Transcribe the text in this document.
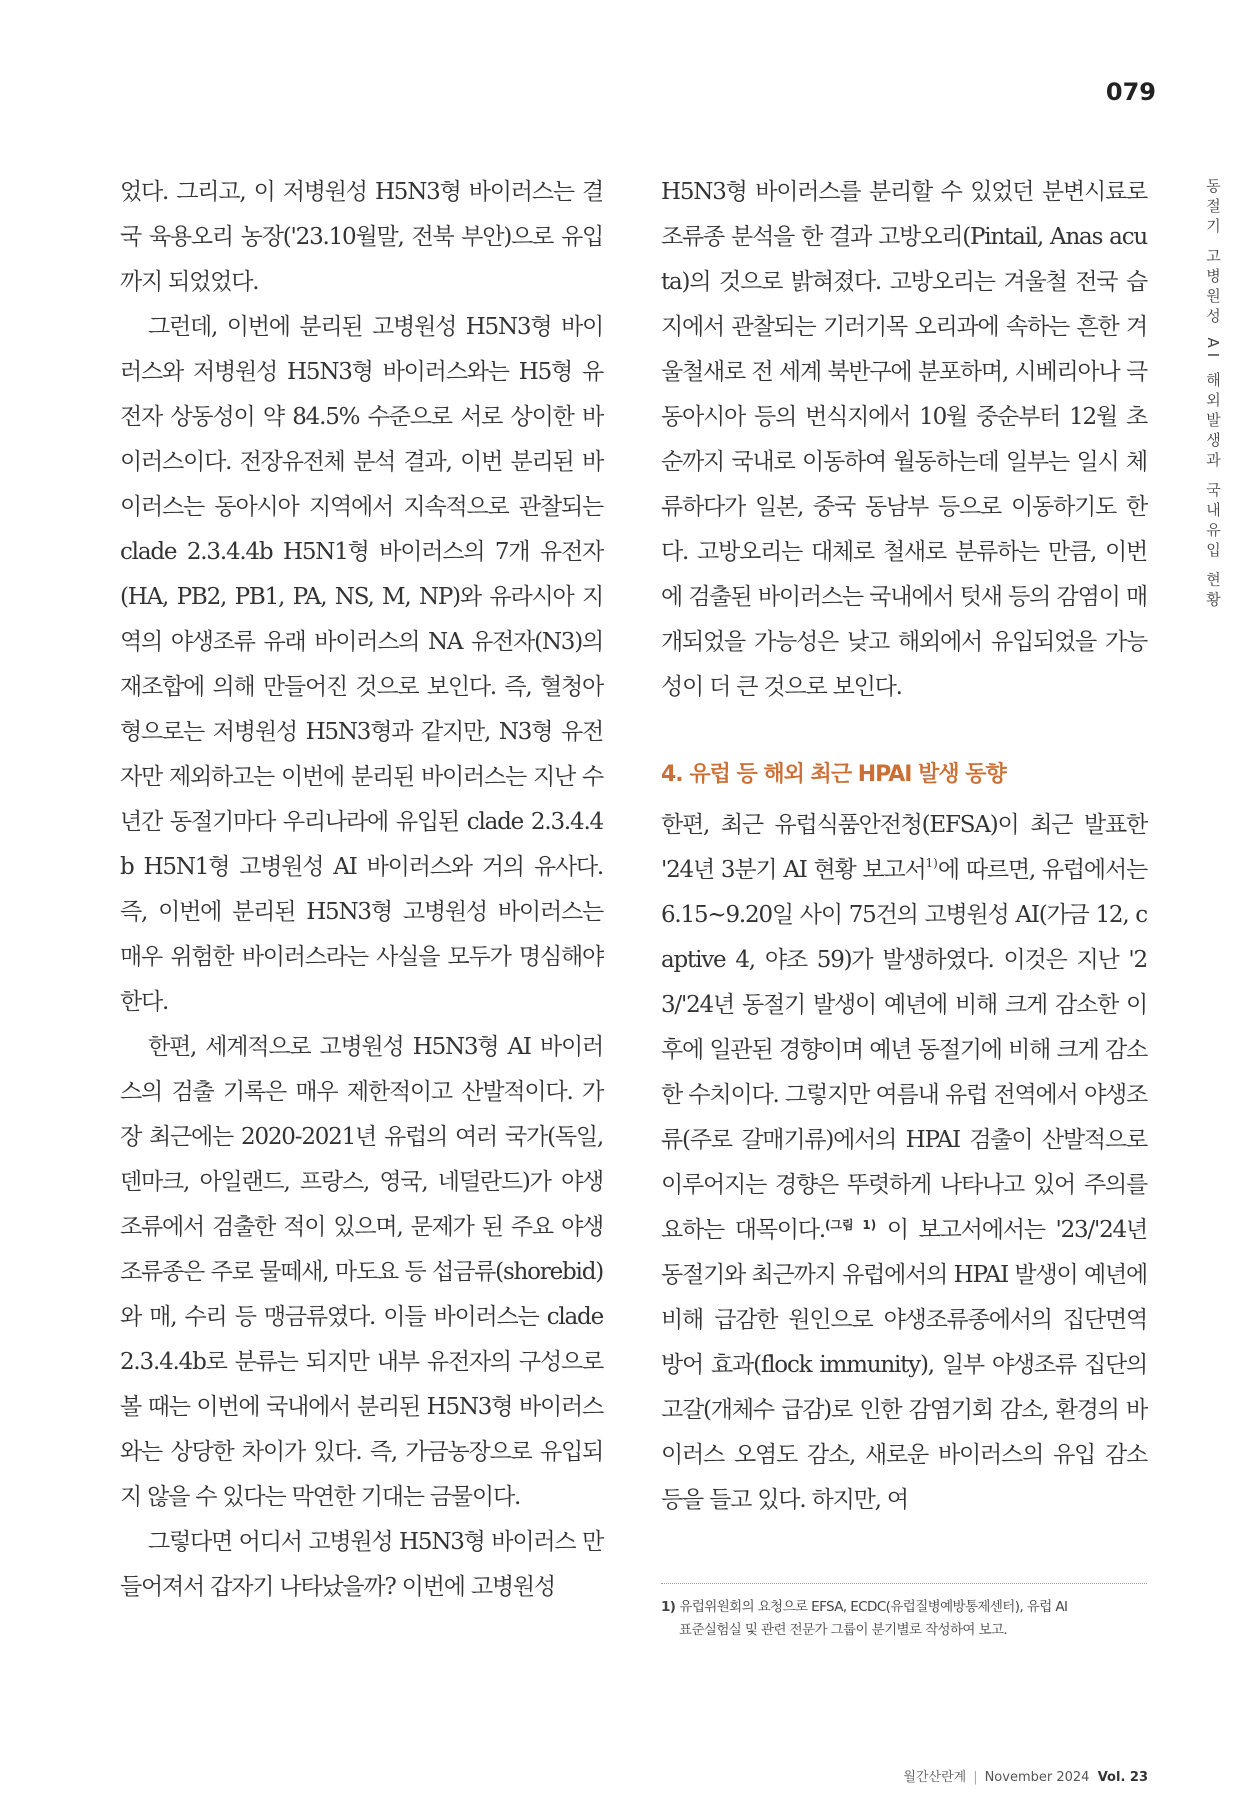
079
동절기 고병원성 AI 해외발생과 국내유입 현황

었다. 그리고, 이 저병원성 H5N3형 바이러스는 결국 육용오리 농장('23.10월말, 전북 부안)으로 유입까지 되었었다.

그런데, 이번에 분리된 고병원성 H5N3형 바이러스와 저병원성 H5N3형 바이러스와는 H5형 유전자 상동성이 약 84.5% 수준으로 서로 상이한 바이러스이다. 전장유전체 분석 결과, 이번 분리된 바이러스는 동아시아 지역에서 지속적으로 관찰되는 clade 2.3.4.4b H5N1형 바이러스의 7개 유전자(HA, PB2, PB1, PA, NS, M, NP)와 유라시아 지역의 야생조류 유래 바이러스의 NA 유전자(N3)의 재조합에 의해 만들어진 것으로 보인다. 즉, 혈청아형으로는 저병원성 H5N3형과 같지만, N3형 유전자만 제외하고는 이번에 분리된 바이러스는 지난 수년간 동절기마다 우리나라에 유입된 clade 2.3.4.4b H5N1형 고병원성 AI 바이러스와 거의 유사다. 즉, 이번에 분리된 H5N3형 고병원성 바이러스는 매우 위험한 바이러스라는 사실을 모두가 명심해야 한다.

한편, 세계적으로 고병원성 H5N3형 AI 바이러스의 검출 기록은 매우 제한적이고 산발적이다. 가장 최근에는 2020-2021년 유럽의 여러 국가(독일, 덴마크, 아일랜드, 프랑스, 영국, 네덜란드)가 야생조류에서 검출한 적이 있으며, 문제가 된 주요 야생 조류종은 주로 물떼새, 마도요 등 섭금류(shorebid)와 매, 수리 등 맹금류였다. 이들 바이러스는 clade 2.3.4.4b로 분류는 되지만 내부 유전자의 구성으로 볼 때는 이번에 국내에서 분리된 H5N3형 바이러스와는 상당한 차이가 있다. 즉, 가금농장으로 유입되지 않을 수 있다는 막연한 기대는 금물이다.

그렇다면 어디서 고병원성 H5N3형 바이러스 만들어져서 갑자기 나타났을까? 이번에 고병원성

H5N3형 바이러스를 분리할 수 있었던 분변시료로 조류종 분석을 한 결과 고방오리(Pintail, Anas acuta)의 것으로 밝혀졌다. 고방오리는 겨울철 전국 습지에서 관찰되는 기러기목 오리과에 속하는 흔한 겨울철새로 전 세계 북반구에 분포하며, 시베리아나 극동아시아 등의 번식지에서 10월 중순부터 12월 초순까지 국내로 이동하여 월동하는데 일부는 일시 체류하다가 일본, 중국 동남부 등으로 이동하기도 한다. 고방오리는 대체로 철새로 분류하는 만큼, 이번에 검출된 바이러스는 국내에서 텃새 등의 감염이 매개되었을 가능성은 낮고 해외에서 유입되었을 가능성이 더 큰 것으로 보인다.

4. 유럽 등 해외 최근 HPAI 발생 동향

한편, 최근 유럽식품안전청(EFSA)이 최근 발표한 '24년 3분기 AI 현황 보고서$^{1)}$에 따르면, 유럽에서는 6.15~9.20일 사이 75건의 고병원성 AI(가금 12, captive 4, 야조 59)가 발생하였다. 이것은 지난 '23/'24년 동절기 발생이 예년에 비해 크게 감소한 이후에 일관된 경향이며 예년 동절기에 비해 크게 감소한 수치이다. 그렇지만 여름내 유럽 전역에서 야생조류(주로 갈매기류)에서의 HPAI 검출이 산발적으로 이루어지는 경향은 뚜렷하게 나타나고 있어 주의를 요하는 대목이다.$^{(그림 1)}$ 이 보고서에서는 '23/'24년 동절기와 최근까지 유럽에서의 HPAI 발생이 예년에 비해 급감한 원인으로 야생조류종에서의 집단면역 방어 효과(flock immunity), 일부 야생조류 집단의 고갈(개체수 급감)로 인한 감염기회 감소, 환경의 바이러스 오염도 감소, 새로운 바이러스의 유입 감소 등을 들고 있다. 하지만, 여

1) 유럽위원회의 요청으로 EFSA, ECDC(유럽질병예방통제센터), 유럽 AI
표준실험실 및 관련 전문가 그룹이 분기별로 작성하여 보고.
월간산란계 | November 2024 Vol. 23
